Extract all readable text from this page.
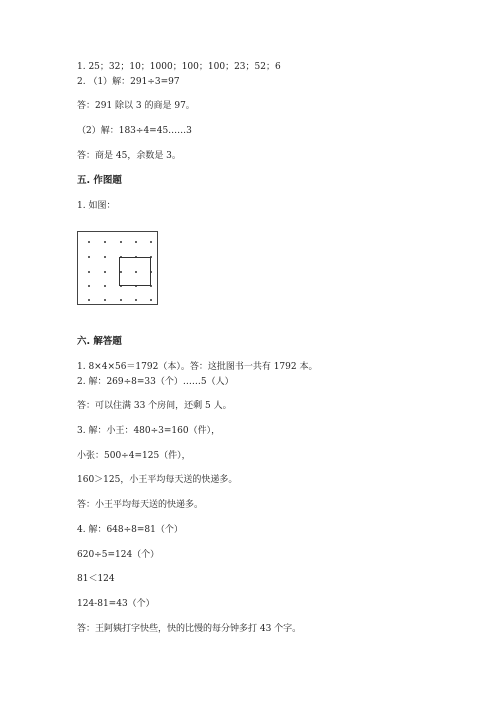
1. 25；32；10；1000；100；100；23；52；6
2. （1）解：291÷3=97
答：291 除以 3 的商是 97。
（2）解：183÷4=45……3
答：商是 45，余数是 3。
五. 作图题
1. 如图：
六. 解答题
1. 8×4×56＝1792（本）。答：这批图书一共有 1792 本。
2. 解：269÷8=33（个）……5（人）
答：可以住满 33 个房间，还剩 5 人。
3. 解：小王：480÷3=160（件），
小张：500÷4=125（件），
160＞125，小王平均每天送的快递多。
答：小王平均每天送的快递多。
4. 解：648÷8=81（个）
620÷5=124（个）
81＜124
124-81=43（个）
答：王阿姨打字快些，快的比慢的每分钟多打 43 个字。
